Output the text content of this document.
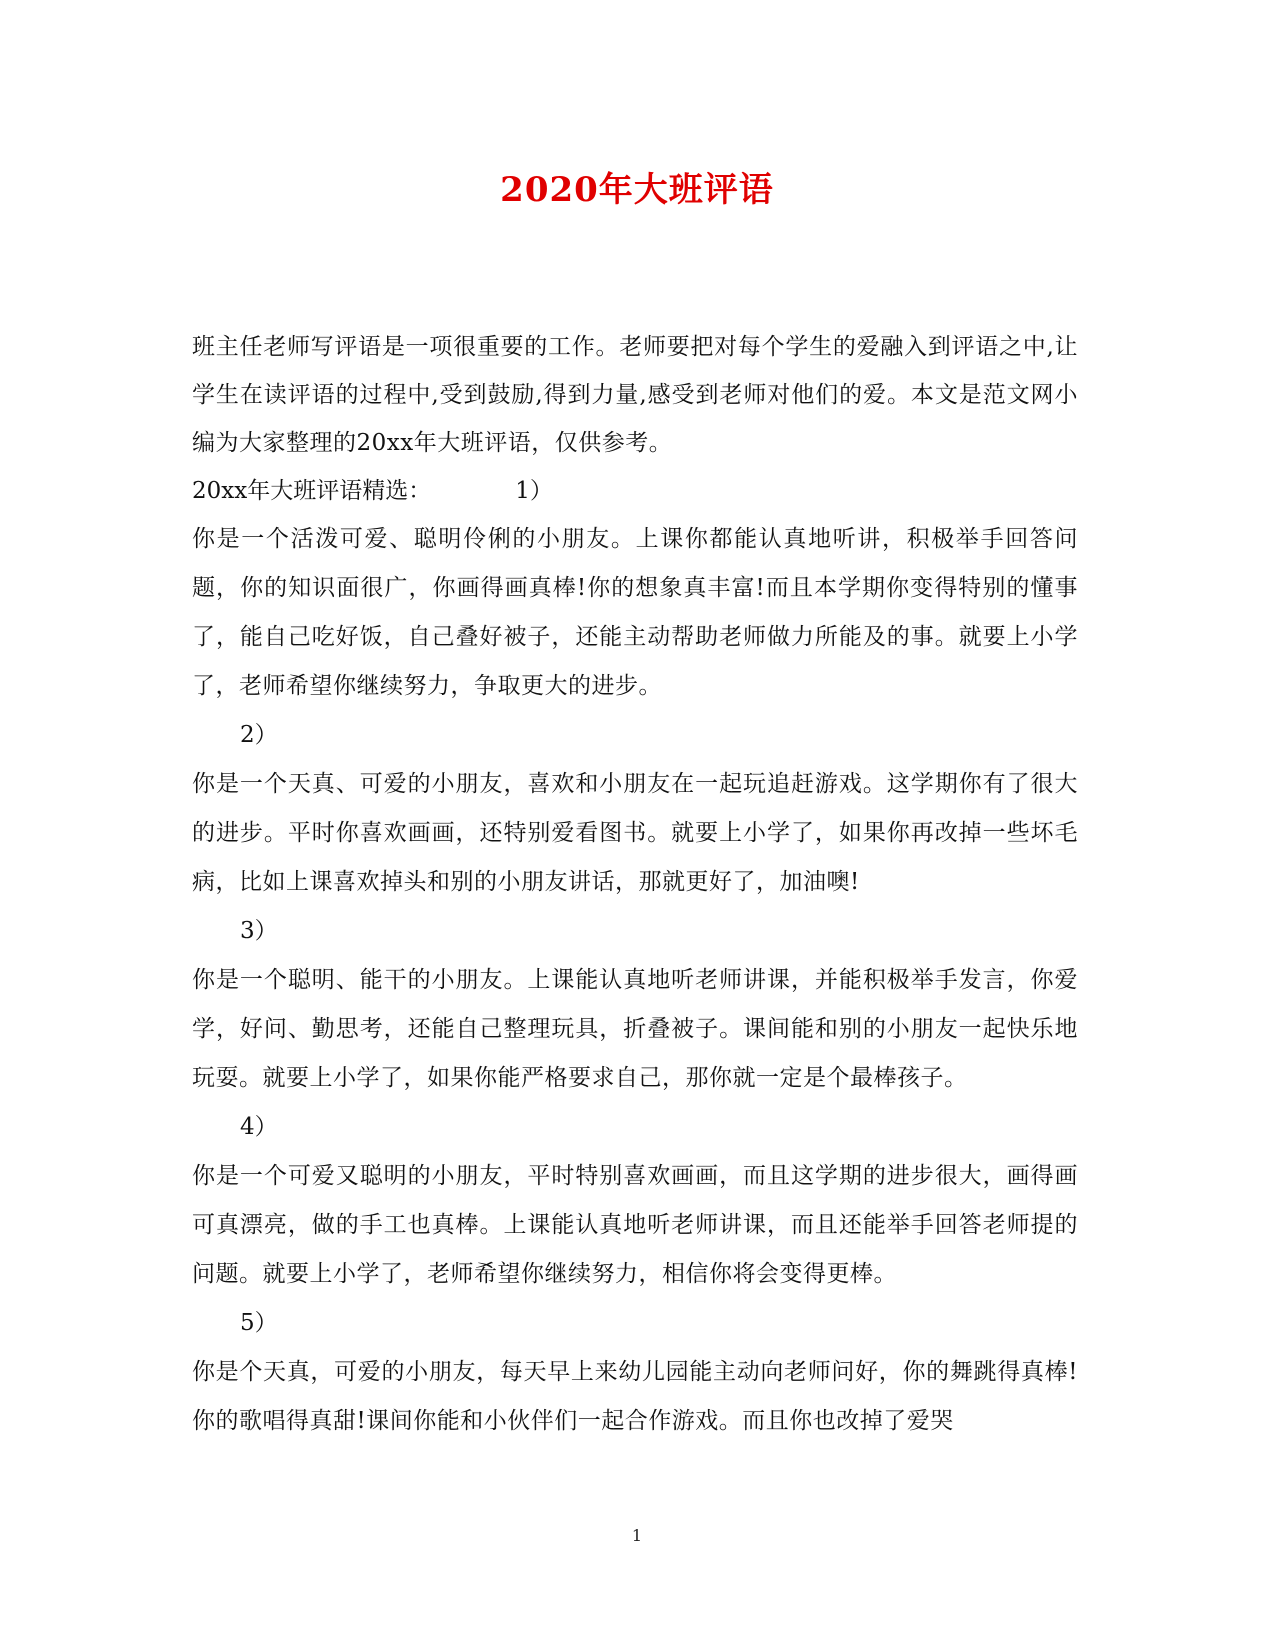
2020年大班评语

班主任老师写评语是一项很重要的工作。老师要把对每个学生的爱融入到评语之中,让学生在读评语的过程中,受到鼓励,得到力量,感受到老师对他们的爱。本文是范文网小编为大家整理的20xx年大班评语，仅供参考。

20xx年大班评语精选：	1）

你是一个活泼可爱、聪明伶俐的小朋友。上课你都能认真地听讲，积极举手回答问题，你的知识面很广，你画得画真棒!你的想象真丰富!而且本学期你变得特别的懂事了，能自己吃好饭，自己叠好被子，还能主动帮助老师做力所能及的事。就要上小学了，老师希望你继续努力，争取更大的进步。

2）

你是一个天真、可爱的小朋友，喜欢和小朋友在一起玩追赶游戏。这学期你有了很大的进步。平时你喜欢画画，还特别爱看图书。就要上小学了，如果你再改掉一些坏毛病，比如上课喜欢掉头和别的小朋友讲话，那就更好了，加油噢!

3）

你是一个聪明、能干的小朋友。上课能认真地听老师讲课，并能积极举手发言，你爱学，好问、勤思考，还能自己整理玩具，折叠被子。课间能和别的小朋友一起快乐地玩耍。就要上小学了，如果你能严格要求自己，那你就一定是个最棒孩子。

4）

你是一个可爱又聪明的小朋友，平时特别喜欢画画，而且这学期的进步很大，画得画可真漂亮，做的手工也真棒。上课能认真地听老师讲课，而且还能举手回答老师提的问题。就要上小学了，老师希望你继续努力，相信你将会变得更棒。

5）

你是个天真，可爱的小朋友，每天早上来幼儿园能主动向老师问好，你的舞跳得真棒!你的歌唱得真甜!课间你能和小伙伴们一起合作游戏。而且你也改掉了爱哭

1
